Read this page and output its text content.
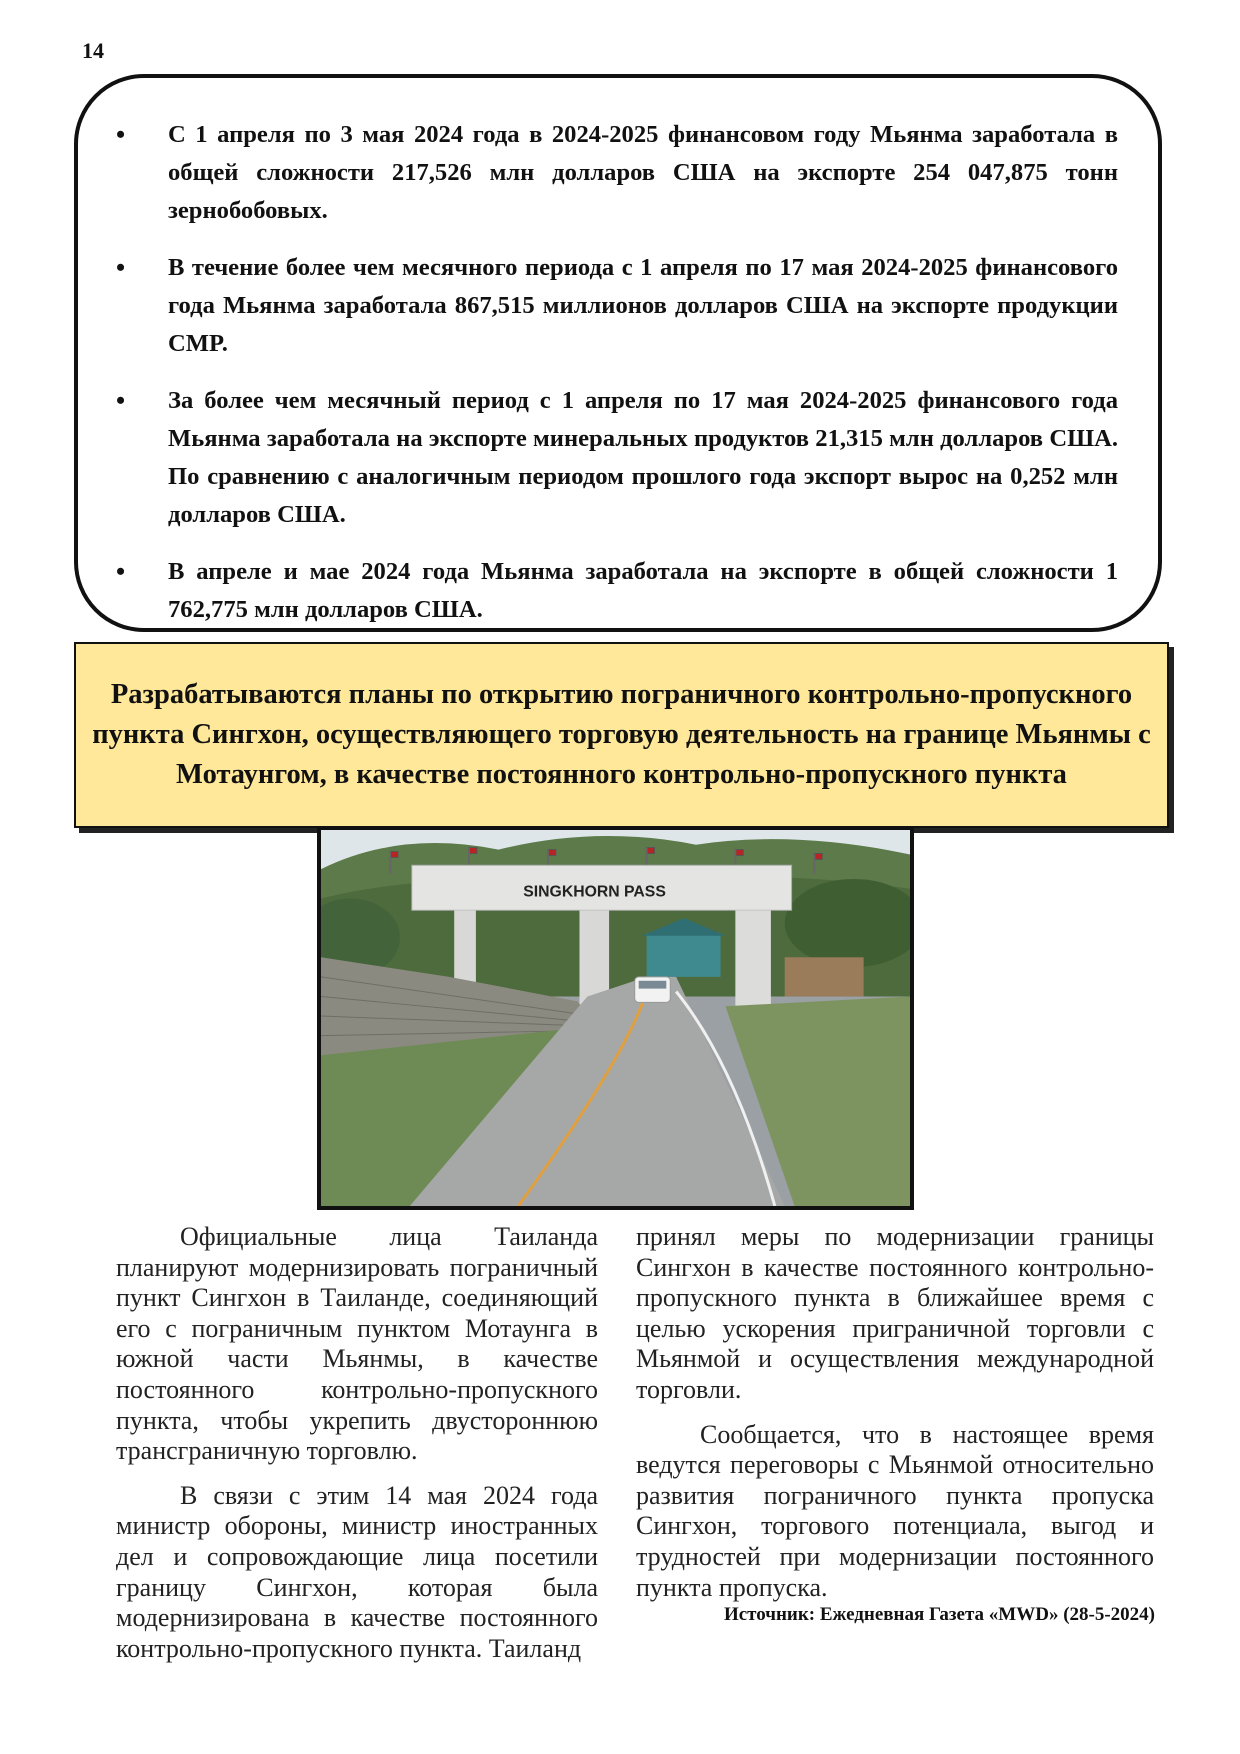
14
• С 1 апреля по 3 мая 2024 года в 2024-2025 финансовом году Мьянма заработала в общей сложности 217,526 млн долларов США на экспорте 254 047,875 тонн зернобобовых.
• В течение более чем месячного периода с 1 апреля по 17 мая 2024-2025 финансового года Мьянма заработала 867,515 миллионов долларов США на экспорте продукции CMP.
• За более чем месячный период с 1 апреля по 17 мая 2024-2025 финансового года Мьянма заработала на экспорте минеральных продуктов 21,315 млн долларов США. По сравнению с аналогичным периодом прошлого года экспорт вырос на 0,252 млн долларов США.
• В апреле и мае 2024 года Мьянма заработала на экспорте в общей сложности 1 762,775 млн долларов США.
Разрабатываются планы по открытию пограничного контрольно-пропускного пункта Сингхон, осуществляющего торговую деятельность на границе Мьянмы с Мотаунгом, в качестве постоянного контрольно-пропускного пункта
SINGKHORN PASS

Официальные лица Таиланда планируют модернизировать пограничный пункт Сингхон в Таиланде, соединяющий его с пограничным пунктом Мотаунга в южной части Мьянмы, в качестве постоянного контрольно-пропускного пункта, чтобы укрепить двустороннюю трансграничную торговлю.

В связи с этим 14 мая 2024 года министр обороны, министр иностранных дел и сопровождающие лица посетили границу Сингхон, которая была модернизирована в качестве постоянного контрольно-пропускного пункта. Таиланд

принял меры по модернизации границы Сингхон в качестве постоянного контрольно-пропускного пункта в ближайшее время с целью ускорения приграничной торговли с Мьянмой и осуществления международной торговли.

Сообщается, что в настоящее время ведутся переговоры с Мьянмой относительно развития пограничного пункта пропуска Сингхон, торгового потенциала, выгод и трудностей при модернизации постоянного пункта пропуска.

Источник: Ежедневная Газета «MWD» (28-5-2024)
